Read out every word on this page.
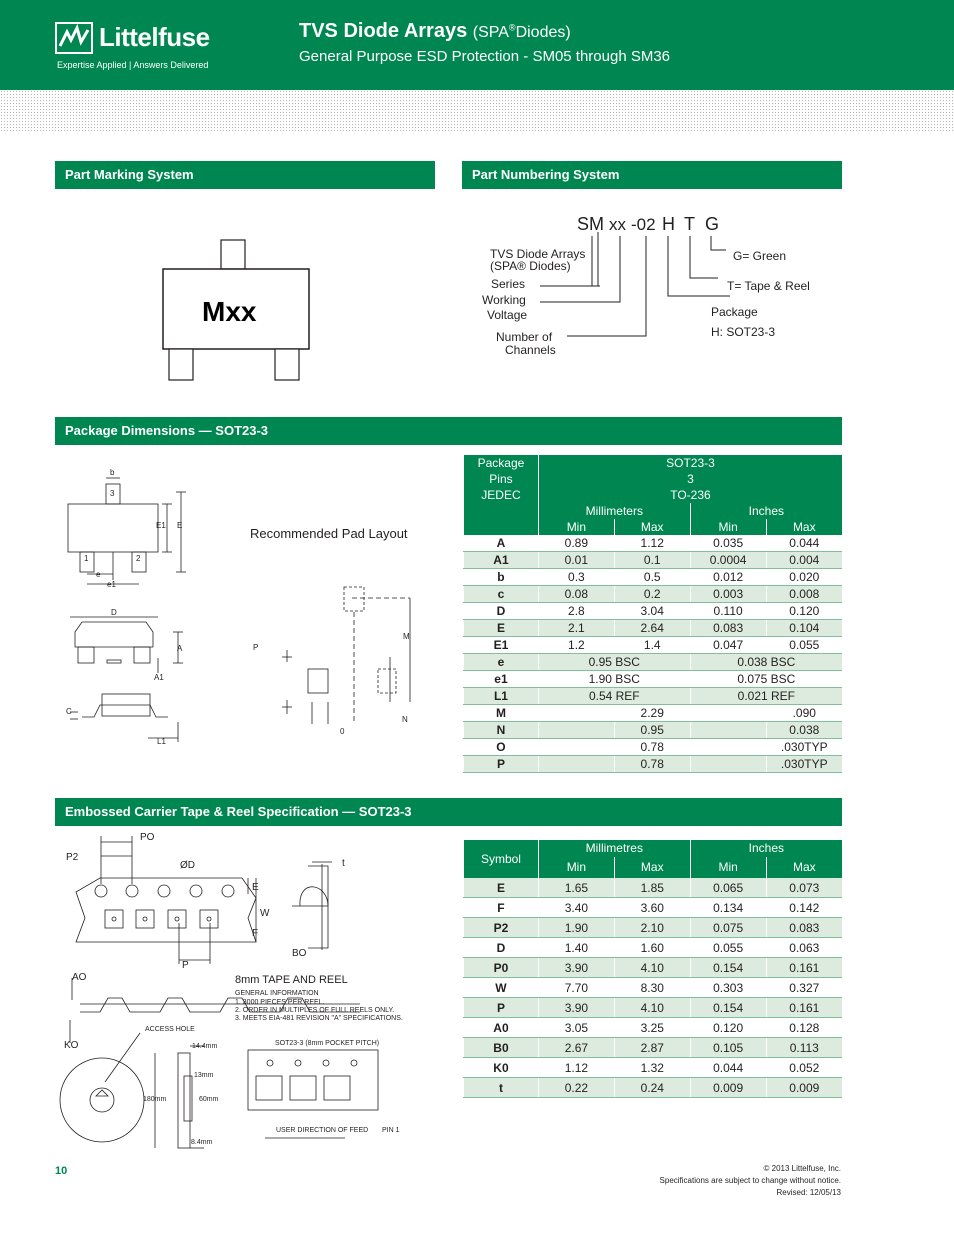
Littelfuse
Expertise Applied | Answers Delivered
TVS Diode Arrays (SPA®Diodes)
General Purpose ESD Protection - SM05 through SM36
Part Marking System
Mxx
Part Numbering System
SM xx -02 H T G
TVS Diode Arrays
(SPA® Diodes)
Series
Working
Voltage
Number of
Channels
G= Green
T= Tape & Reel
Package
H: SOT23-3
Package Dimensions — SOT23-3
Recommended Pad Layout
b
3
E1 E
1	2
e
e1
D
A
A1
C
L1
P
M
N
0
Package	SOT23-3			
Pins	3			
JEDEC	TO-236			
	Millimeters		Inches	
	Min	Max	Min	Max
A	0.89	1.12	0.035	0.044
A1	0.01	0.1	0.0004	0.004
b	0.3	0.5	0.012	0.020
c	0.08	0.2	0.003	0.008
D	2.8	3.04	0.110	0.120
E	2.1	2.64	0.083	0.104
E1	1.2	1.4	0.047	0.055
e	0.95 BSC		0.038 BSC	
e1	1.90 BSC		0.075 BSC	
L1	0.54 REF		0.021 REF	
M		2.29		.090
N		0.95		0.038
O		0.78		.030TYP
P		0.78		.030TYP
Embossed Carrier Tape & Reel Specification — SOT23-3
P2
PO
ØD
E
F
W
P
t
BO
AO
KO
ACCESS HOLE
SOT23-3 (8mm POCKET PITCH)
USER DIRECTION OF FEED PIN 1
14.4mm
13mm
180mm	60mm
8.4mm
8mm TAPE AND REEL
GENERAL INFORMATION
1. 3000 PIECES PER REEL.
2. ORDER IN MULTIPLES OF FULL REELS ONLY.
3. MEETS EIA-481 REVISION "A" SPECIFICATIONS.
Symbol	Millimetres		Inches	
	Min	Max	Min	Max
E	1.65	1.85	0.065	0.073
F	3.40	3.60	0.134	0.142
P2	1.90	2.10	0.075	0.083
D	1.40	1.60	0.055	0.063
P0	3.90	4.10	0.154	0.161
W	7.70	8.30	0.303	0.327
P	3.90	4.10	0.154	0.161
A0	3.05	3.25	0.120	0.128
B0	2.67	2.87	0.105	0.113
K0	1.12	1.32	0.044	0.052
t	0.22	0.24	0.009	0.009
10	© 2013 Littelfuse, Inc.
Specifications are subject to change without notice.
Revised: 12/05/13
